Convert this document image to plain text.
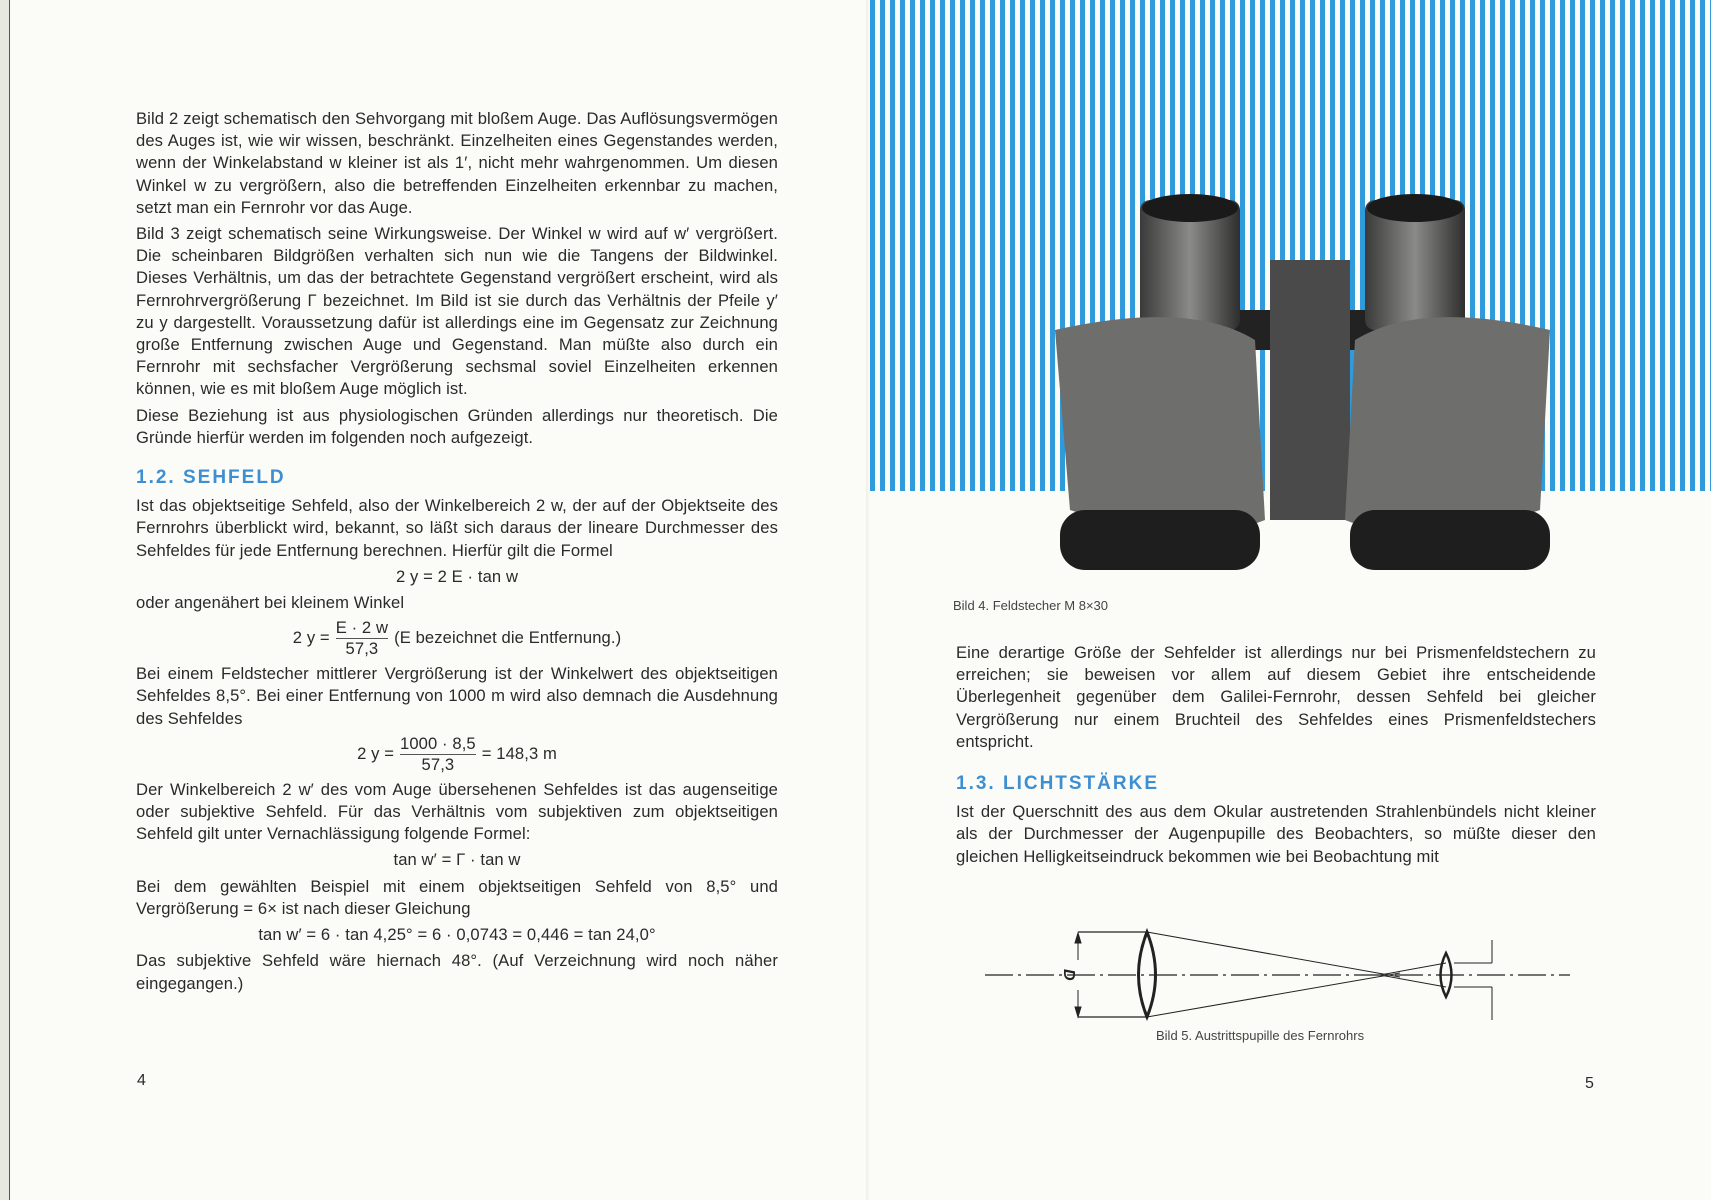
Bild 2 zeigt schematisch den Sehvorgang mit bloßem Auge. Das Auflösungsvermögen des Auges ist, wie wir wissen, beschränkt. Einzelheiten eines Gegenstandes werden, wenn der Winkelabstand w kleiner ist als 1′, nicht mehr wahrgenommen. Um diesen Winkel w zu vergrößern, also die betreffenden Einzelheiten erkennbar zu machen, setzt man ein Fernrohr vor das Auge.

Bild 3 zeigt schematisch seine Wirkungsweise. Der Winkel w wird auf w′ vergrößert. Die scheinbaren Bildgrößen verhalten sich nun wie die Tangens der Bildwinkel. Dieses Verhältnis, um das der betrachtete Gegenstand vergrößert erscheint, wird als Fernrohrvergrößerung Γ bezeichnet. Im Bild ist sie durch das Verhältnis der Pfeile y′ zu y dargestellt. Voraussetzung dafür ist allerdings eine im Gegensatz zur Zeichnung große Entfernung zwischen Auge und Gegenstand. Man müßte also durch ein Fernrohr mit sechsfacher Vergrößerung sechsmal soviel Einzelheiten erkennen können, wie es mit bloßem Auge möglich ist.

Diese Beziehung ist aus physiologischen Gründen allerdings nur theoretisch. Die Gründe hierfür werden im folgenden noch aufgezeigt.

1.2. SEHFELD

Ist das objektseitige Sehfeld, also der Winkelbereich 2 w, der auf der Objektseite des Fernrohrs überblickt wird, bekannt, so läßt sich daraus der lineare Durchmesser des Sehfeldes für jede Entfernung berechnen. Hierfür gilt die Formel

2 y = 2 E · tan w

oder angenähert bei kleinem Winkel

2 $y = \frac{E \cdot 2 w}{57,3} (E$ bezeichnet die Entfernung.)

Bei einem Feldstecher mittlerer Vergrößerung ist der Winkelwert des objektseitigen Sehfeldes 8,5°. Bei einer Entfernung von 1000 m wird also demnach die Ausdehnung des Sehfeldes

2 $y = \frac{1000 \cdot 8,5}{57,3} = 148,3$ m

Der Winkelbereich 2 w′ des vom Auge übersehenen Sehfeldes ist das augenseitige oder subjektive Sehfeld. Für das Verhältnis vom subjektiven zum objektseitigen Sehfeld gilt unter Vernachlässigung folgende Formel:

tan w′ = Γ · tan w

Bei dem gewählten Beispiel mit einem objektseitigen Sehfeld von 8,5° und Vergrößerung = 6× ist nach dieser Gleichung

tan w′ = 6 · tan 4,25° = 6 · 0,0743 = 0,446 = tan 24,0°

Das subjektive Sehfeld wäre hiernach 48°. (Auf Verzeichnung wird noch näher eingegangen.)

4
Bild 4. Feldstecher M 8×30

Eine derartige Größe der Sehfelder ist allerdings nur bei Prismenfeldstechern zu erreichen; sie beweisen vor allem auf diesem Gebiet ihre entscheidende Überlegenheit gegenüber dem Galilei-Fernrohr, dessen Sehfeld bei gleicher Vergrößerung nur einem Bruchteil des Sehfeldes eines Prismenfeldstechers entspricht.

1.3. LICHTSTÄRKE

Ist der Querschnitt des aus dem Okular austretenden Strahlenbündels nicht kleiner als der Durchmesser der Augenpupille des Beobachters, so müßte dieser den gleichen Helligkeitseindruck bekommen wie bei Beobachtung mit

D
Bild 5. Austrittspupille des Fernrohrs
5
